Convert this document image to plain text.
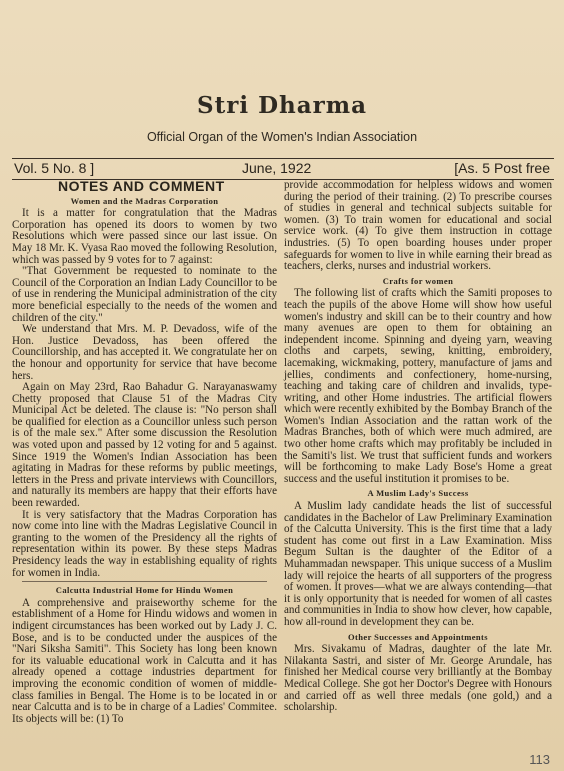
Stri Dharma
Official Organ of the Women's Indian Association
Vol. 5 No. 8 ]	June, 1922	[As. 5 Post free
NOTES AND COMMENT
Women and the Madras Corporation

It is a matter for congratulation that the Madras Corporation has opened its doors to women by two Resolutions which were passed since our last issue. On May 18 Mr. K. Vyasa Rao moved the following Resolution, which was passed by 9 votes for to 7 against:

"That Government be requested to nominate to the Council of the Corporation an Indian Lady Councillor to be of use in rendering the Municipal administration of the city more beneficial especially to the needs of the women and children of the city."

We understand that Mrs. M. P. Devadoss, wife of the Hon. Justice Devadoss, has been offered the Councillorship, and has accepted it. We congratulate her on the honour and opportunity for service that have become hers.

Again on May 23rd, Rao Bahadur G. Narayanaswamy Chetty proposed that Clause 51 of the Madras City Municipal Act be deleted. The clause is: "No person shall be qualified for election as a Councillor unless such person is of the male sex." After some discussion the Resolution was voted upon and passed by 12 voting for and 5 against. Since 1919 the Women's Indian Association has been agitating in Madras for these reforms by public meetings, letters in the Press and private interviews with Councillors, and naturally its members are happy that their efforts have been rewarded.

It is very satisfactory that the Madras Corporation has now come into line with the Madras Legislative Council in granting to the women of the Presidency all the rights of representation within its power. By these steps Madras Presidency leads the way in establishing equality of rights for women in India.

Calcutta Industrial Home for Hindu Women

A comprehensive and praiseworthy scheme for the establishment of a Home for Hindu widows and women in indigent circumstances has been worked out by Lady J. C. Bose, and is to be conducted under the auspices of the "Nari Siksha Samiti". This Society has long been known for its valuable educational work in Calcutta and it has already opened a cottage industries department for improving the economic condition of women of middle-class families in Bengal. The Home is to be located in or near Calcutta and is to be in charge of a Ladies' Commitee. Its objects will be: (1) To

provide accommodation for helpless widows and women during the period of their training. (2) To prescribe courses of studies in general and technical subjects suitable for women. (3) To train women for educational and social service work. (4) To give them instruction in cottage industries. (5) To open boarding houses under proper safeguards for women to live in while earning their bread as teachers, clerks, nurses and industrial workers.

Crafts for women

The following list of crafts which the Samiti proposes to teach the pupils of the above Home will show how useful women's industry and skill can be to their country and how many avenues are open to them for obtaining an independent income. Spinning and dyeing yarn, weaving cloths and carpets, sewing, knitting, embroidery, lacemaking, wickmaking, pottery, manufacture of jams and jellies, condiments and confectionery, home-nursing, teaching and taking care of children and invalids, type-writing, and other Home industries. The artificial flowers which were recently exhibited by the Bombay Branch of the Women's Indian Association and the rattan work of the Madras Branches, both of which were much admired, are two other home crafts which may profitably be included in the Samiti's list. We trust that sufficient funds and workers will be forthcoming to make Lady Bose's Home a great success and the useful institution it promises to be.

A Muslim Lady's Success

A Muslim lady candidate heads the list of successful candidates in the Bachelor of Law Preliminary Examination of the Calcutta University. This is the first time that a lady student has come out first in a Law Examination. Miss Begum Sultan is the daughter of the Editor of a Muhammadan newspaper. This unique success of a Muslim lady will rejoice the hearts of all supporters of the progress of women. It proves—what we are always contending—that it is only opportunity that is needed for women of all castes and communities in India to show how clever, how capable, how all-round in development they can be.

Other Successes and Appointments

Mrs. Sivakamu of Madras, daughter of the late Mr. Nilakanta Sastri, and sister of Mr. George Arundale, has finished her Medical course very brilliantly at the Bombay Medical College. She got her Doctor's Degree with Honours and carried off as well three medals (one gold,) and a scholarship.

113
